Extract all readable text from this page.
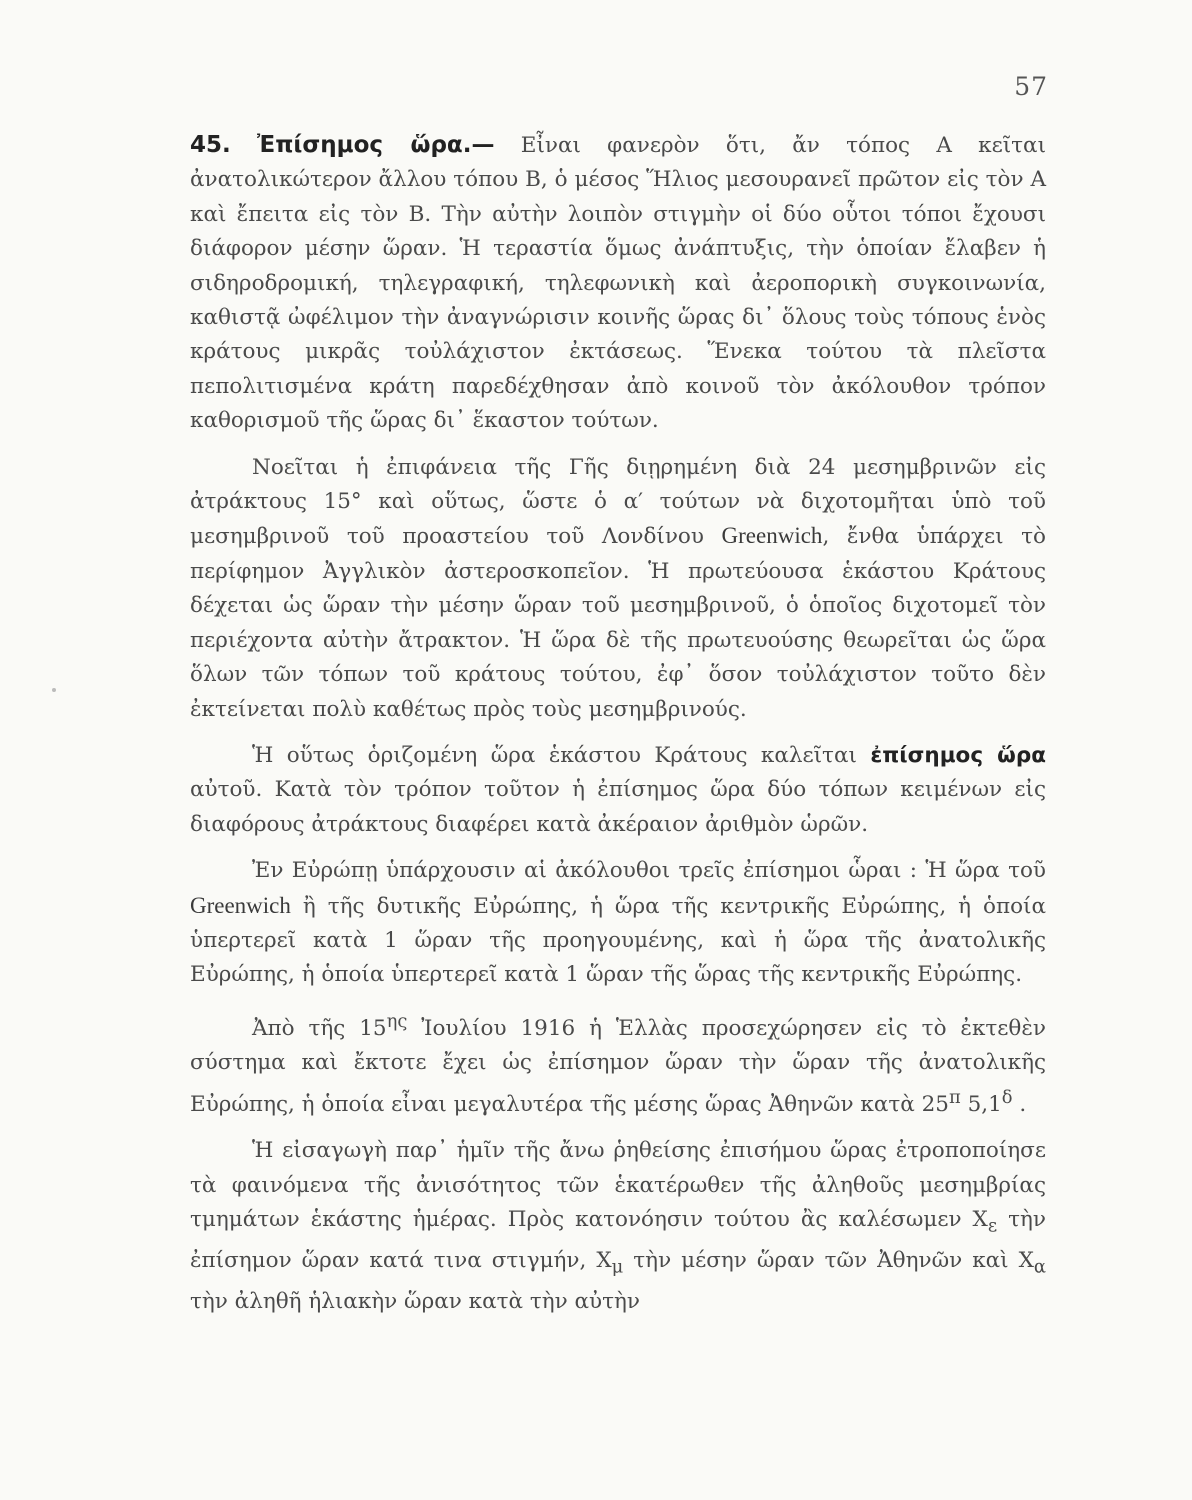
57

45. Ἐπίσημος ὥρα.— Εἶναι φανερὸν ὅτι, ἄν τόπος Α κεῖται ἀνατολικώτερον ἄλλου τόπου Β, ὁ μέσος Ἥλιος μεσουρανεῖ πρῶτον εἰς τὸν Α καὶ ἔπειτα εἰς τὸν Β. Τὴν αὐτὴν λοιπὸν στιγμὴν οἱ δύο οὗτοι τόποι ἔχουσι διάφορον μέσην ὥραν. Ἡ τεραστία ὅμως ἀνάπτυξις, τὴν ὁποίαν ἔλαβεν ἡ σιδηροδρομική, τηλεγραφική, τηλεφωνικὴ καὶ ἀεροπορικὴ συγκοινωνία, καθιστᾷ ὠφέλιμον τὴν ἀναγνώρισιν κοινῆς ὥρας δι᾽ ὅλους τοὺς τόπους ἑνὸς κράτους μικρᾶς τοὐλάχιστον ἐκτάσεως. Ἕνεκα τούτου τὰ πλεῖστα πεπολιτισμένα κράτη παρεδέχθησαν ἀπὸ κοινοῦ τὸν ἀκόλουθον τρόπον καθορισμοῦ τῆς ὥρας δι᾽ ἕκαστον τούτων.

Νοεῖται ἡ ἐπιφάνεια τῆς Γῆς διῃρημένη διὰ 24 μεσημβρινῶν εἰς ἀτράκτους 15° καὶ οὕτως, ὥστε ὁ α′ τούτων νὰ διχοτομῆται ὑπὸ τοῦ μεσημβρινοῦ τοῦ προαστείου τοῦ Λονδίνου Greenwich, ἔνθα ὑπάρχει τὸ περίφημον Ἀγγλικὸν ἀστεροσκοπεῖον. Ἡ πρωτεύουσα ἑκάστου Κράτους δέχεται ὡς ὥραν τὴν μέσην ὥραν τοῦ μεσημβρινοῦ, ὁ ὁποῖος διχοτομεῖ τὸν περιέχοντα αὐτὴν ἄτρακτον. Ἡ ὥρα δὲ τῆς πρωτευούσης θεωρεῖται ὡς ὥρα ὅλων τῶν τόπων τοῦ κράτους τούτου, ἐφ᾽ ὅσον τοὐλάχιστον τοῦτο δὲν ἐκτείνεται πολὺ καθέτως πρὸς τοὺς μεσημβρινούς.

Ἡ οὕτως ὁριζομένη ὥρα ἑκάστου Κράτους καλεῖται ἐπίσημος ὥρα αὐτοῦ. Κατὰ τὸν τρόπον τοῦτον ἡ ἐπίσημος ὥρα δύο τόπων κειμένων εἰς διαφόρους ἀτράκτους διαφέρει κατὰ ἀκέραιον ἀριθμὸν ὡρῶν.

Ἐν Εὐρώπῃ ὑπάρχουσιν αἱ ἀκόλουθοι τρεῖς ἐπίσημοι ὧραι : Ἡ ὥρα τοῦ Greenwich ἢ τῆς δυτικῆς Εὐρώπης, ἡ ὥρα τῆς κεντρικῆς Εὐρώπης, ἡ ὁποία ὑπερτερεῖ κατὰ 1 ὥραν τῆς προηγουμένης, καὶ ἡ ὥρα τῆς ἀνατολικῆς Εὐρώπης, ἡ ὁποία ὑπερτερεῖ κατὰ 1 ὥραν τῆς ὥρας τῆς κεντρικῆς Εὐρώπης.

Ἀπὸ τῆς $15^{\eta\varsigma}$ Ἰουλίου 1916 ἡ Ἑλλὰς προσεχώρησεν εἰς τὸ ἐκτεθὲν σύστημα καὶ ἔκτοτε ἔχει ὡς ἐπίσημον ὥραν τὴν ὥραν τῆς ἀνατολικῆς Εὐρώπης, ἡ ὁποία εἶναι μεγαλυτέρα τῆς μέσης ὥρας Ἀθηνῶν κατὰ $25^\pi$ $5,1^\delta$ .

Ἡ εἰσαγωγὴ παρ᾽ ἡμῖν τῆς ἄνω ῥηθείσης ἐπισήμου ὥρας ἐτροποποίησε τὰ φαινόμενα τῆς ἀνισότητος τῶν ἑκατέρωθεν τῆς ἀληθοῦς μεσημβρίας τμημάτων ἑκάστης ἡμέρας. Πρὸς κατονόησιν τούτου ἂς καλέσωμεν $X_\varepsilon$ τὴν ἐπίσημον ὥραν κατά τινα στιγμήν, $X_\mu$ τὴν μέσην ὥραν τῶν Ἀθηνῶν καὶ $X_\alpha$ τὴν ἀληθῆ ἡλιακὴν ὥραν κατὰ τὴν αὐτὴν
